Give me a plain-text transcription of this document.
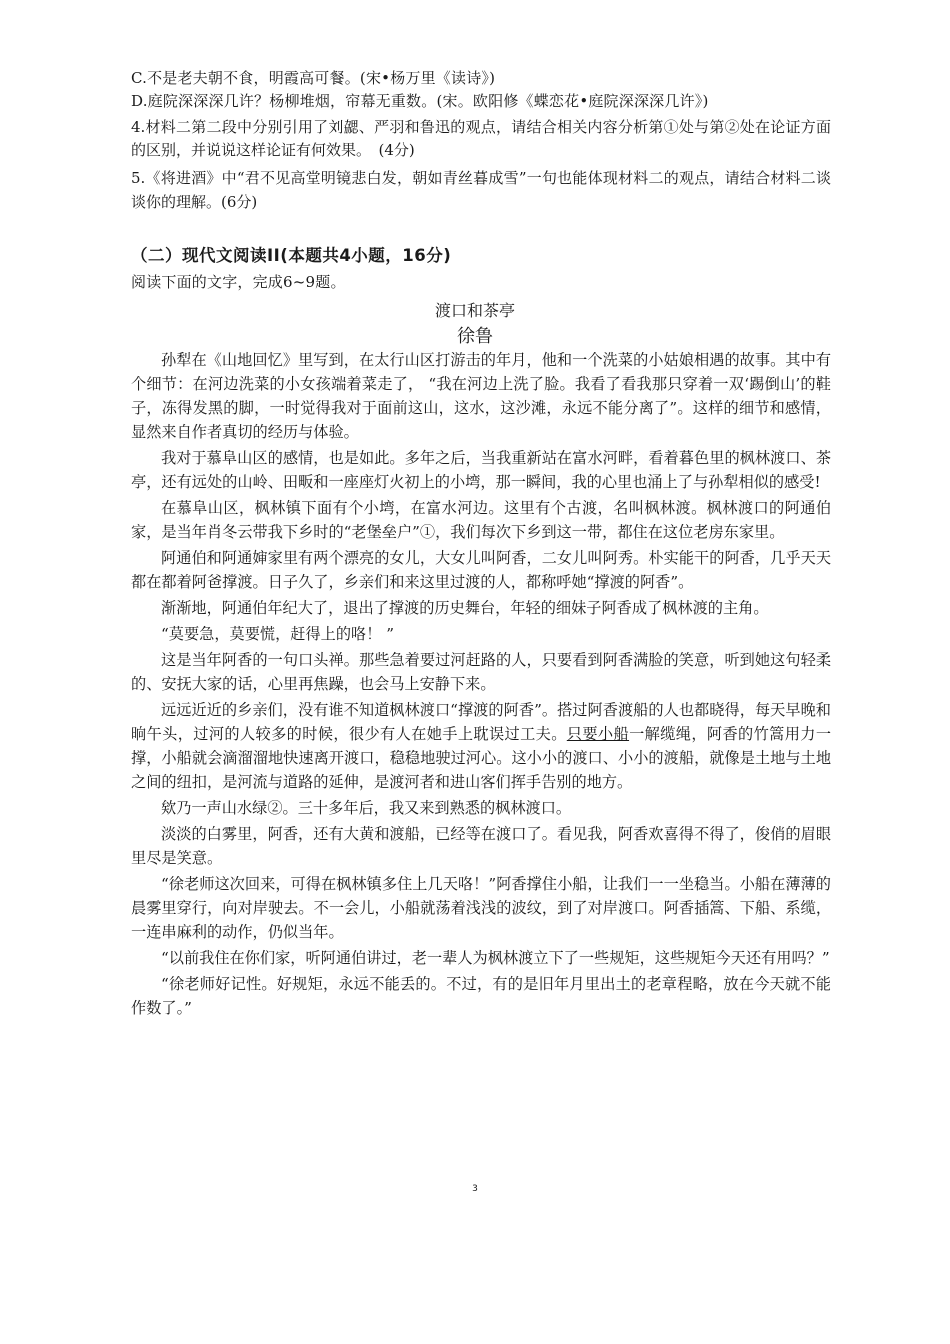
C.不是老夫朝不食，明霞高可餐。(宋•杨万里《读诗》)
D.庭院深深深几许？杨柳堆烟，帘幕无重数。(宋。欧阳修《蝶恋花•庭院深深深几许》)

4.材料二第二段中分别引用了刘勰、严羽和鲁迅的观点，请结合相关内容分析第①处与第②处在论证方面的区别，并说说这样论证有何效果。　(4分)

5.《将进酒》中“君不见高堂明镜悲白发，朝如青丝暮成雪”一句也能体现材料二的观点，请结合材料二谈谈你的理解。(6分)

（二）现代文阅读II(本题共4小题，16分)
阅读下面的文字，完成6~9题。
渡口和茶亭
徐鲁

孙犁在《山地回忆》里写到，在太行山区打游击的年月，他和一个洗菜的小姑娘相遇的故事。其中有个细节：在河边洗菜的小女孩端着菜走了， “我在河边上洗了脸。我看了看我那只穿着一双‘踢倒山’的鞋子，冻得发黑的脚，一时觉得我对于面前这山，这水，这沙滩，永远不能分离了”。这样的细节和感情，显然来自作者真切的经历与体验。

我对于慕阜山区的感情，也是如此。多年之后，当我重新站在富水河畔，看着暮色里的枫林渡口、茶亭，还有远处的山岭、田畈和一座座灯火初上的小塆，那一瞬间，我的心里也涌上了与孙犁相似的感受!

在慕阜山区，枫林镇下面有个小塆，在富水河边。这里有个古渡，名叫枫林渡。枫林渡口的阿通伯家，是当年肖冬云带我下乡时的“老堡垒户”①，我们每次下乡到这一带，都住在这位老房东家里。

阿通伯和阿通婶家里有两个漂亮的女儿，大女儿叫阿香，二女儿叫阿秀。朴实能干的阿香，几乎天天都在都着阿爸撑渡。日子久了，乡亲们和来这里过渡的人，都称呼她“撑渡的阿香”。

渐渐地，阿通伯年纪大了，退出了撑渡的历史舞台，年轻的细妹子阿香成了枫林渡的主角。

“莫要急，莫要慌，赶得上的咯！ ”

这是当年阿香的一句口头禅。那些急着要过河赶路的人，只要看到阿香满脸的笑意，听到她这句轻柔的、安抚大家的话，心里再焦躁，也会马上安静下来。

远远近近的乡亲们，没有谁不知道枫林渡口“撑渡的阿香”。搭过阿香渡船的人也都晓得，每天早晚和晌午头，过河的人较多的时候，很少有人在她手上耽误过工夫。只要小船一解缆绳，阿香的竹篙用力一撑，小船就会滴溜溜地快速离开渡口，稳稳地驶过河心。这小小的渡口、小小的渡船，就像是土地与土地之间的纽扣，是河流与道路的延伸，是渡河者和进山客们挥手告别的地方。

欸乃一声山水绿②。三十多年后，我又来到熟悉的枫林渡口。

淡淡的白雾里，阿香，还有大黄和渡船，已经等在渡口了。看见我，阿香欢喜得不得了，俊俏的眉眼里尽是笑意。

“徐老师这次回来，可得在枫林镇多住上几天咯！”阿香撑住小船，让我们一一坐稳当。小船在薄薄的晨雾里穿行，向对岸驶去。不一会儿，小船就荡着浅浅的波纹，到了对岸渡口。阿香插篙、下船、系缆，一连串麻利的动作，仍似当年。

“以前我住在你们家，听阿通伯讲过，老一辈人为枫林渡立下了一些规矩，这些规矩今天还有用吗？”

“徐老师好记性。好规矩，永远不能丢的。不过，有的是旧年月里出土的老章程略，放在今天就不能作数了。”

3
